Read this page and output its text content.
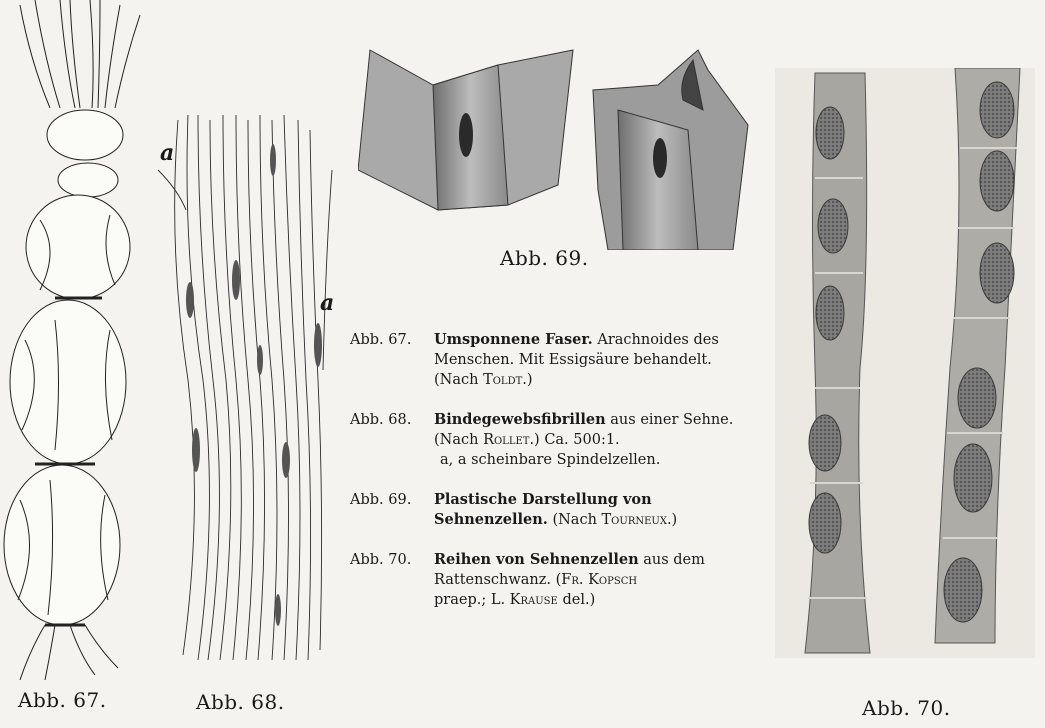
Abb. 67.
a
a
Abb. 68.
Abb. 69.
Abb. 70.
Abb. 67. Umsponnene Faser. Arachnoides des
Menschen. Mit Essigsäure behandelt.
(Nach Toldt.)
Abb. 68. Bindegewebsfibrillen aus einer Sehne.
(Nach Rollet.) Ca. 500:1.
a, a scheinbare Spindelzellen.
Abb. 69. Plastische Darstellung von
Sehnenzellen. (Nach Tourneux.)
Abb. 70. Reihen von Sehnenzellen aus dem
Rattenschwanz. (Fr. Kopsch
praep.; L. Krause del.)
